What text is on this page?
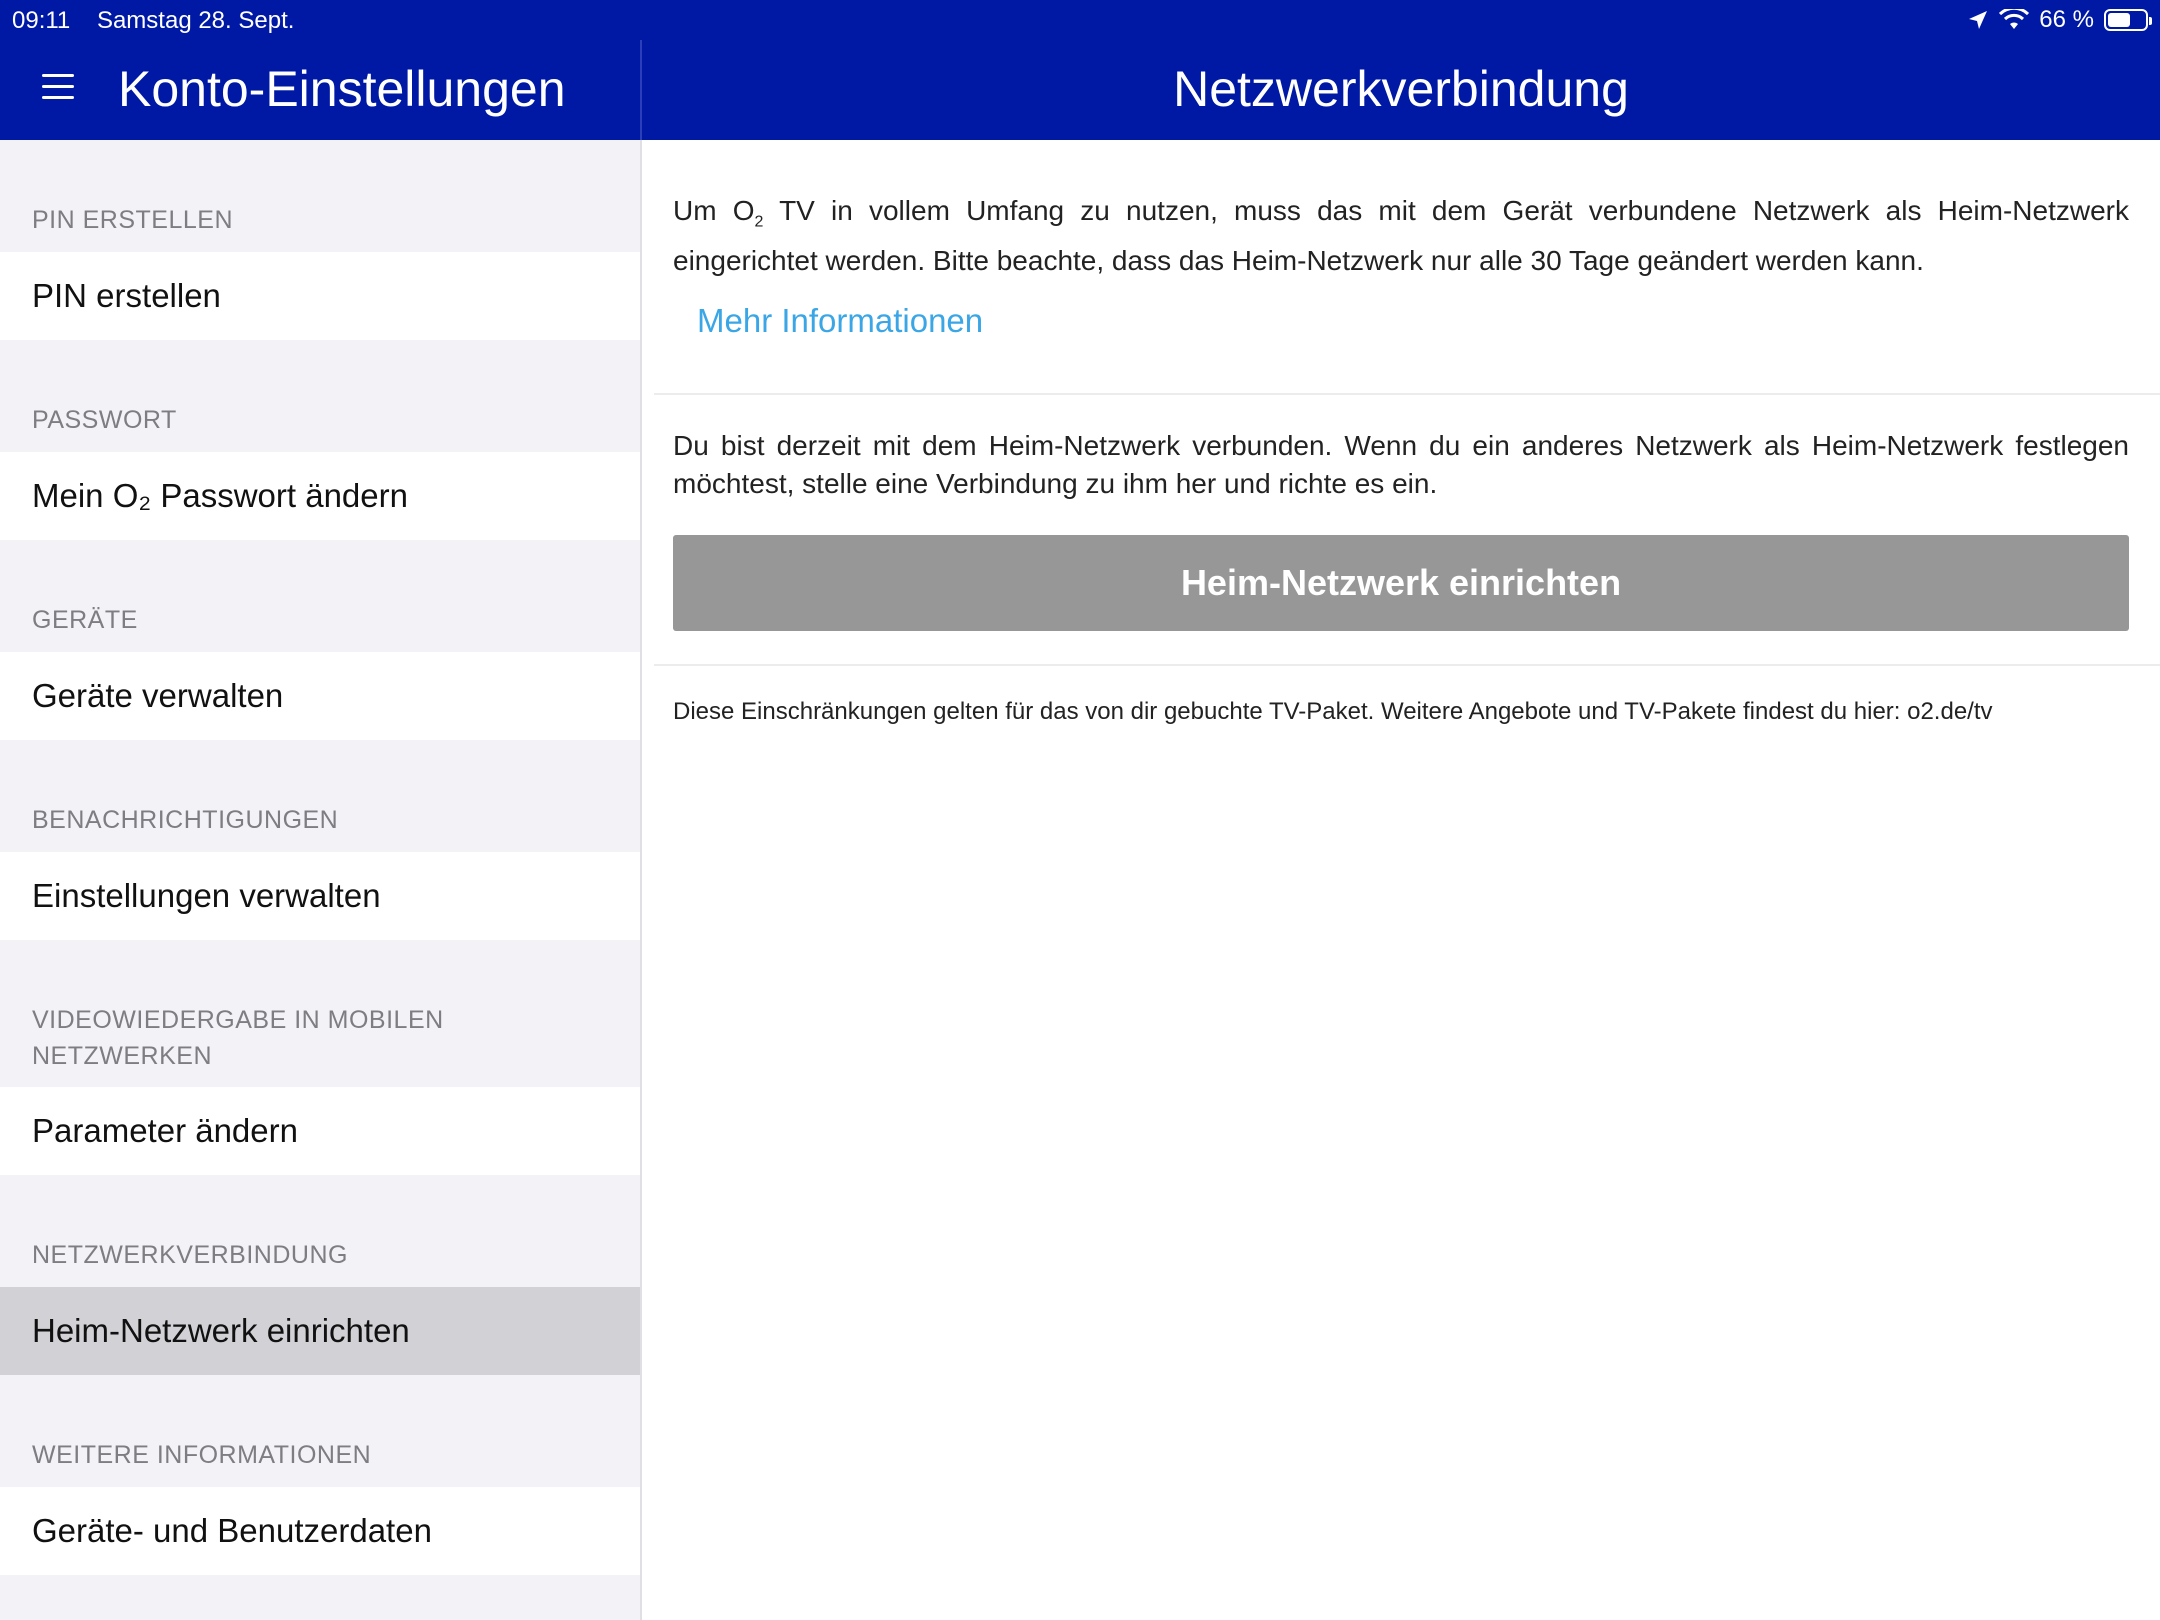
09:11 Samstag 28. Sept.	66 %
Konto-Einstellungen	Netzwerkverbindung
PIN ERSTELLEN
PIN erstellen
PASSWORT
Mein O₂ Passwort ändern
GERÄTE
Geräte verwalten
BENACHRICHTIGUNGEN
Einstellungen verwalten
VIDEOWIEDERGABE IN MOBILEN
NETZWERKEN
Parameter ändern
NETZWERKVERBINDUNG
Heim-Netzwerk einrichten
WEITERE INFORMATIONEN
Geräte- und Benutzerdaten
Um $O_2$ TV in vollem Umfang zu nutzen, muss das mit dem Gerät verbundene Netzwerk als Heim-Netzwerk eingerichtet werden. Bitte beachte, dass das Heim-Netzwerk nur alle 30 Tage geändert werden kann.
Mehr Informationen
Du bist derzeit mit dem Heim-Netzwerk verbunden. Wenn du ein anderes Netzwerk als Heim-Netzwerk festlegen möchtest, stelle eine Verbindung zu ihm her und richte es ein.
Heim-Netzwerk einrichten
Diese Einschränkungen gelten für das von dir gebuchte TV-Paket. Weitere Angebote und TV-Pakete findest du hier: o2.de/tv
